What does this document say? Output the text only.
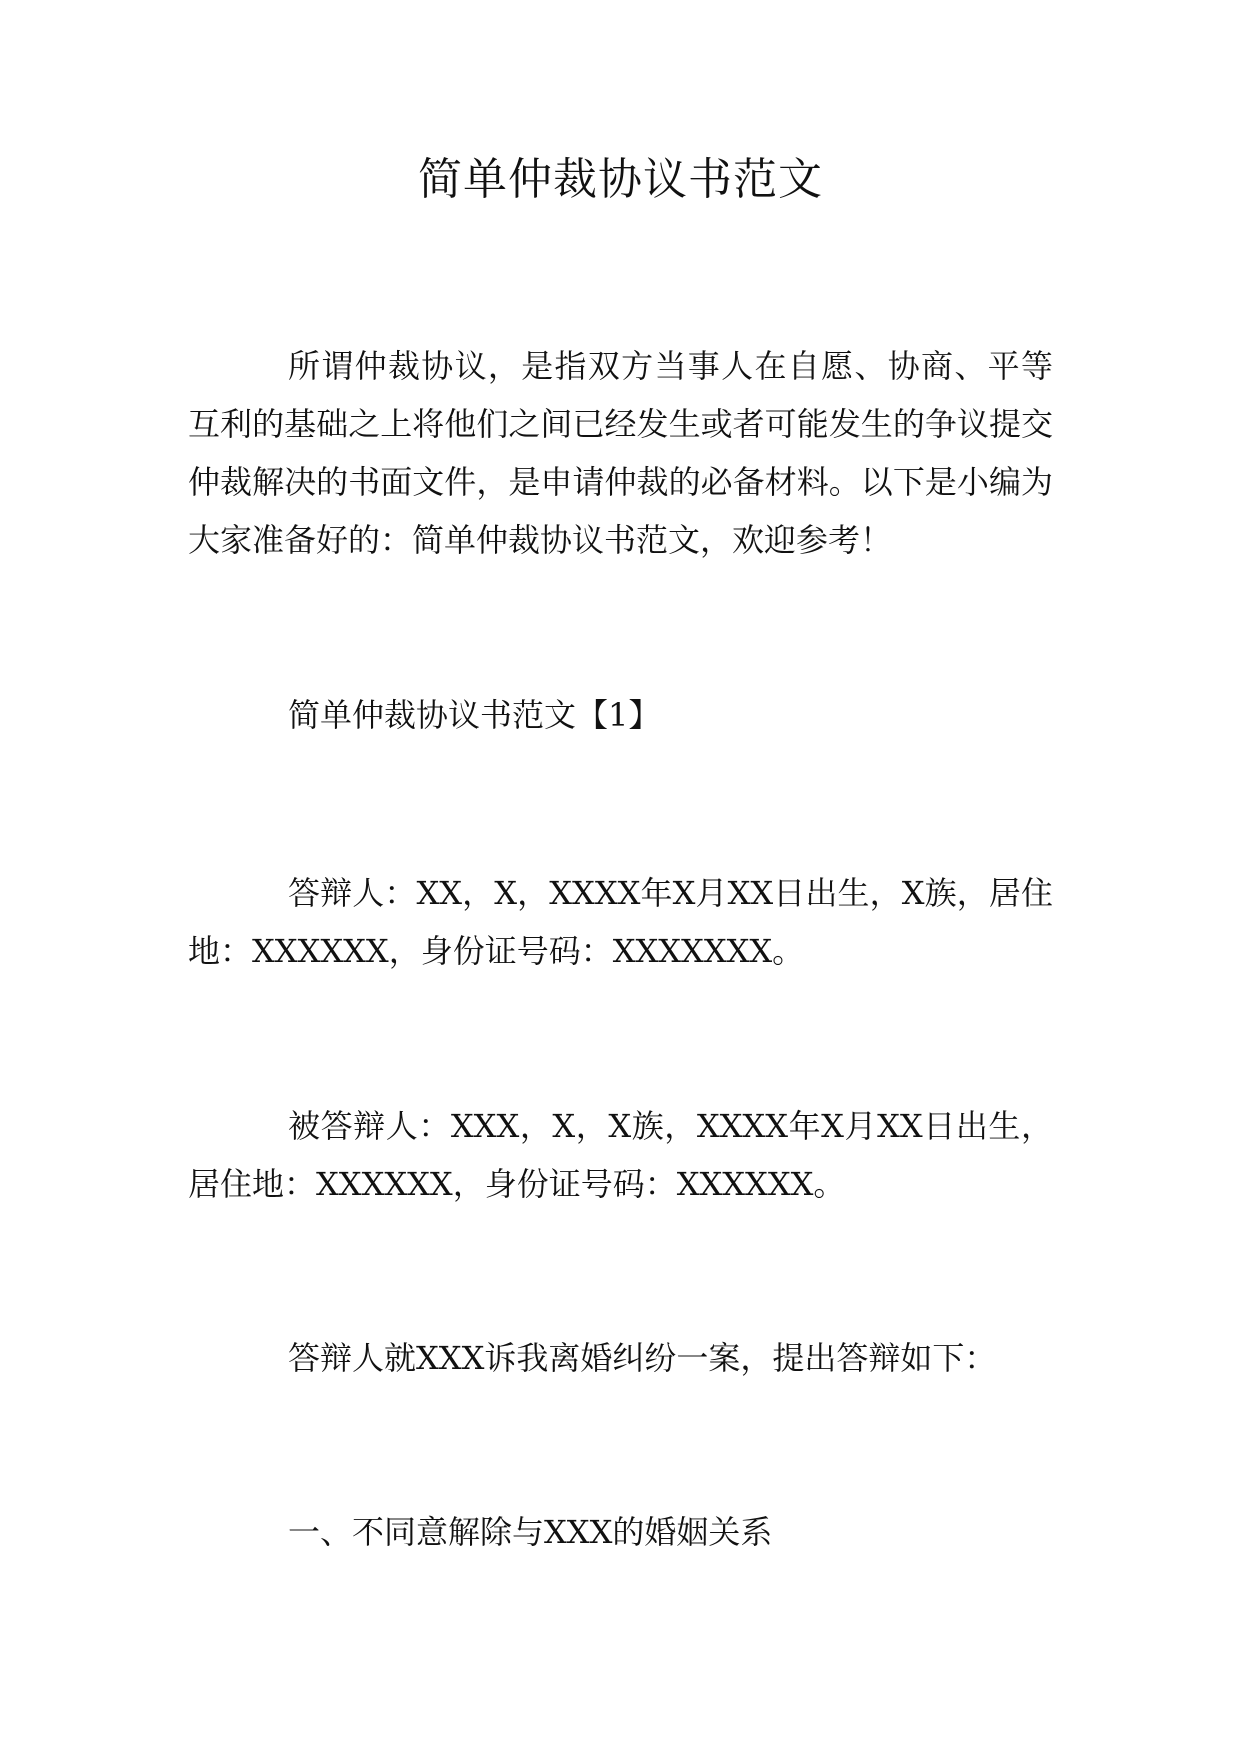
简单仲裁协议书范文

所谓仲裁协议，是指双方当事人在自愿、协商、平等互利的基础之上将他们之间已经发生或者可能发生的争议提交仲裁解决的书面文件，是申请仲裁的必备材料。以下是小编为大家准备好的：简单仲裁协议书范文，欢迎参考！

简单仲裁协议书范文【1】

答辩人：XX，X，XXXX年X月XX日出生，X族，居住地：XXXXXX，身份证号码：XXXXXXX。

被答辩人：XXX，X，X族，XXXX年X月XX日出生，居住地：XXXXXX，身份证号码：XXXXXX。

答辩人就XXX诉我离婚纠纷一案，提出答辩如下：

一、不同意解除与XXX的婚姻关系
